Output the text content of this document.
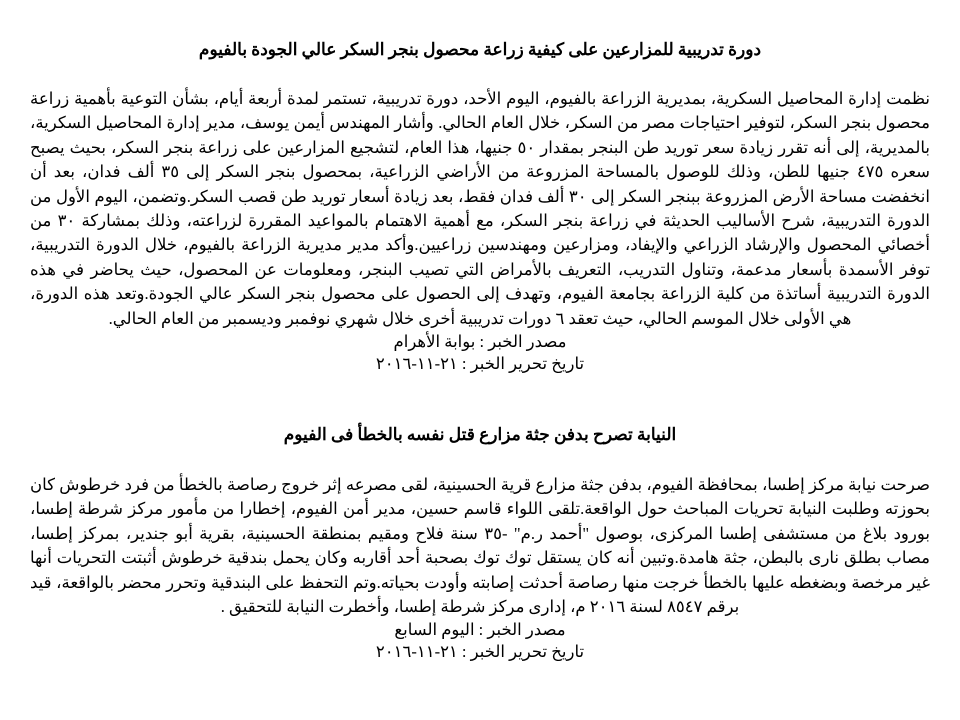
دورة تدريبية للمزارعين على كيفية زراعة محصول بنجر السكر عالي الجودة بالفيوم

نظمت إدارة المحاصيل السكرية، بمديرية الزراعة بالفيوم، اليوم الأحد، دورة تدريبية، تستمر لمدة أربعة أيام، بشأن التوعية بأهمية زراعة محصول بنجر السكر، لتوفير احتياجات مصر من السكر، خلال العام الحالي. وأشار المهندس أيمن يوسف، مدير إدارة المحاصيل السكرية، بالمديرية، إلى أنه تقرر زيادة سعر توريد طن البنجر بمقدار ٥٠ جنيها، هذا العام، لتشجيع المزارعين على زراعة بنجر السكر، بحيث يصبح سعره ٤٧٥ جنيها للطن، وذلك للوصول بالمساحة المزروعة من الأراضي الزراعية، بمحصول بنجر السكر إلى ٣٥ ألف فدان، بعد أن انخفضت مساحة الأرض المزروعة ببنجر السكر إلى ٣٠ ألف فدان فقط، بعد زيادة أسعار توريد طن قصب السكر.وتضمن، اليوم الأول من الدورة التدريبية، شرح الأساليب الحديثة في زراعة بنجر السكر، مع أهمية الاهتمام بالمواعيد المقررة لزراعته، وذلك بمشاركة ٣٠ من أخصائي المحصول والإرشاد الزراعي والإيفاد، ومزارعين ومهندسين زراعيين.وأكد مدير مديرية الزراعة بالفيوم، خلال الدورة التدريبية، توفر الأسمدة بأسعار مدعمة، وتناول التدريب، التعريف بالأمراض التي تصيب البنجر، ومعلومات عن المحصول، حيث يحاضر في هذه الدورة التدريبية أساتذة من كلية الزراعة بجامعة الفيوم، وتهدف إلى الحصول على محصول بنجر السكر عالي الجودة.وتعد هذه الدورة، هي الأولى خلال الموسم الحالي، حيث تعقد ٦ دورات تدريبية أخرى خلال شهري نوفمبر وديسمبر من العام الحالي.

مصدر الخبر : بوابة الأهرام

تاريخ تحرير الخبر : ٢١-١١-٢٠١٦

النيابة تصرح بدفن جثة مزارع قتل نفسه بالخطأ فى الفيوم

صرحت نيابة مركز إطسا، بمحافظة الفيوم، بدفن جثة مزارع قرية الحسينية، لقى مصرعه إثر خروج رصاصة بالخطأ من فرد خرطوش كان بحوزته وطلبت النيابة تحريات المباحث حول الواقعة.تلقى اللواء قاسم حسين، مدير أمن الفيوم، إخطارا من مأمور مركز شرطة إطسا، بورود بلاغ من مستشفى إطسا المركزى، بوصول "أحمد ر.م" -٣٥ سنة فلاح ومقيم بمنطقة الحسينية، بقرية أبو جندير، بمركز إطسا، مصاب بطلق نارى بالبطن، جثة هامدة.وتبين أنه كان يستقل توك توك بصحبة أحد أقاربه وكان يحمل بندقية خرطوش أثبتت التحريات أنها غير مرخصة وبضغطه عليها بالخطأ خرجت منها رصاصة أحدثت إصابته وأودت بحياته.وتم التحفظ على البندقية وتحرر محضر بالواقعة، قيد برقم ٨٥٤٧ لسنة ٢٠١٦ م، إدارى مركز شرطة إطسا، وأخطرت النيابة للتحقيق .

مصدر الخبر : اليوم السابع

تاريخ تحرير الخبر : ٢١-١١-٢٠١٦
